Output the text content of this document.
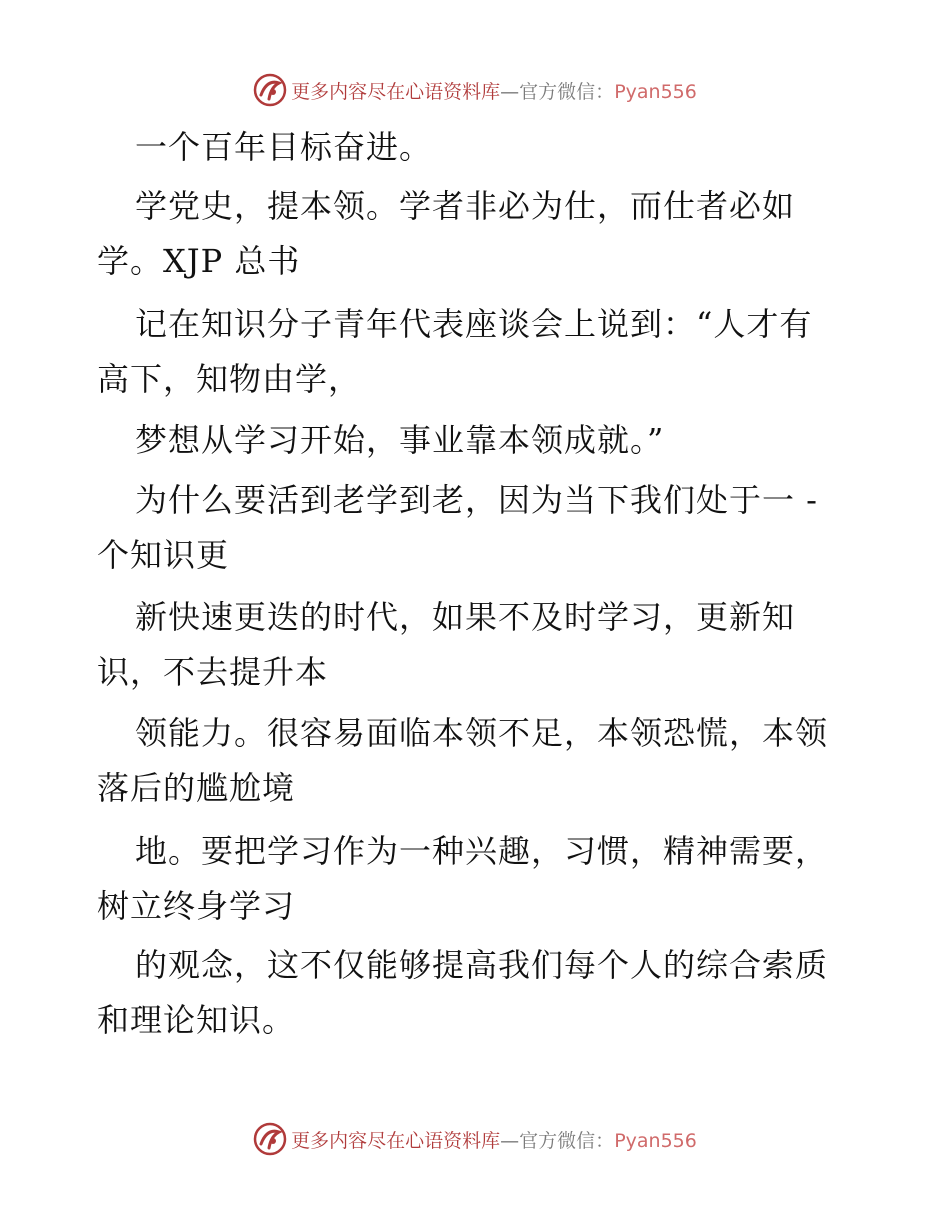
更多内容尽在心语资料库—官方微信：Pyan556
一个百年目标奋进。
学党史，提本领。学者非必为仕，而仕者必如
学。XJP 总书
记在知识分子青年代表座谈会上说到：“人才有
高下，知物由学，
梦想从学习开始，事业靠本领成就。”
为什么要活到老学到老，因为当下我们处于一 -
个知识更
新快速更迭的时代，如果不及时学习，更新知
识，不去提升本
领能力。很容易面临本领不足，本领恐慌，本领
落后的尴尬境
地。要把学习作为一种兴趣，习惯，精神需要，
树立终身学习
的观念，这不仅能够提高我们每个人的综合索质
和理论知识。
更多内容尽在心语资料库—官方微信：Pyan556
